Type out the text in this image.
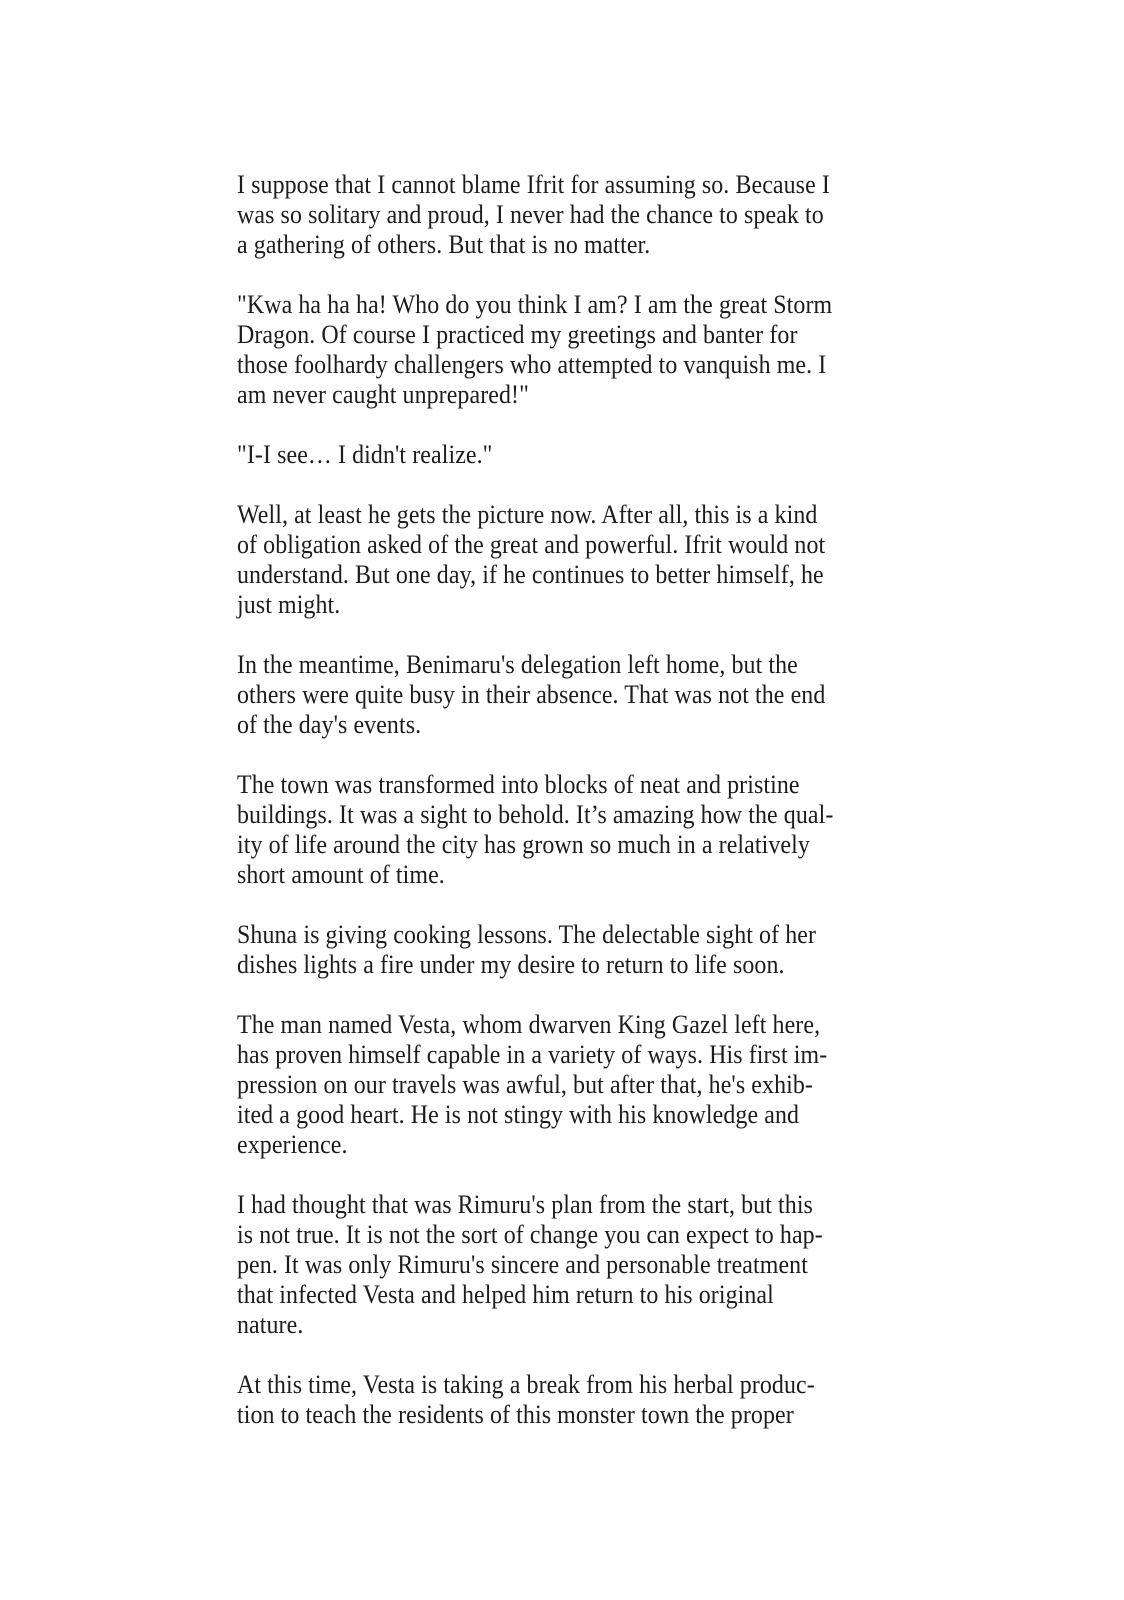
I suppose that I cannot blame Ifrit for assuming so. Because I
was so solitary and proud, I never had the chance to speak to
a gathering of others. But that is no matter.
"Kwa ha ha ha! Who do you think I am? I am the great Storm
Dragon. Of course I practiced my greetings and banter for
those foolhardy challengers who attempted to vanquish me. I
am never caught unprepared!"
"I-I see… I didn't realize."
Well, at least he gets the picture now. After all, this is a kind
of obligation asked of the great and powerful. Ifrit would not
understand. But one day, if he continues to better himself, he
just might.
In the meantime, Benimaru's delegation left home, but the
others were quite busy in their absence. That was not the end
of the day's events.
The town was transformed into blocks of neat and pristine
buildings. It was a sight to behold. It’s amazing how the qual-
ity of life around the city has grown so much in a relatively
short amount of time.
Shuna is giving cooking lessons. The delectable sight of her
dishes lights a fire under my desire to return to life soon.
The man named Vesta, whom dwarven King Gazel left here,
has proven himself capable in a variety of ways. His first im-
pression on our travels was awful, but after that, he's exhib-
ited a good heart. He is not stingy with his knowledge and
experience.
I had thought that was Rimuru's plan from the start, but this
is not true. It is not the sort of change you can expect to hap-
pen. It was only Rimuru's sincere and personable treatment
that infected Vesta and helped him return to his original
nature.
At this time, Vesta is taking a break from his herbal produc-
tion to teach the residents of this monster town the proper
